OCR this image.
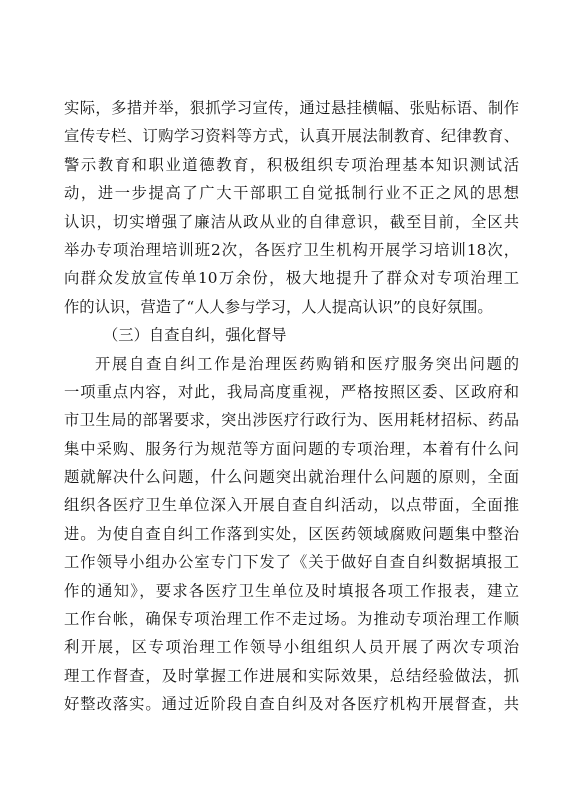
实际，多措并举，狠抓学习宣传，通过悬挂横幅、张贴标语、制作
宣传专栏、订购学习资料等方式，认真开展法制教育、纪律教育、
警示教育和职业道德教育，积极组织专项治理基本知识测试活
动，进一步提高了广大干部职工自觉抵制行业不正之风的思想
认识，切实增强了廉洁从政从业的自律意识，截至目前，全区共
举办专项治理培训班2次，各医疗卫生机构开展学习培训18次，
向群众发放宣传单10万余份，极大地提升了群众对专项治理工
作的认识，营造了“人人参与学习，人人提高认识”的良好氛围。
（三）自查自纠，强化督导
开展自查自纠工作是治理医药购销和医疗服务突出问题的
一项重点内容，对此，我局高度重视，严格按照区委、区政府和
市卫生局的部署要求，突出涉医疗行政行为、医用耗材招标、药品
集中采购、服务行为规范等方面问题的专项治理，本着有什么问
题就解决什么问题，什么问题突出就治理什么问题的原则，全面
组织各医疗卫生单位深入开展自查自纠活动，以点带面，全面推
进。为使自查自纠工作落到实处，区医药领域腐败问题集中整治
工作领导小组办公室专门下发了《关于做好自查自纠数据填报工
作的通知》，要求各医疗卫生单位及时填报各项工作报表，建立
工作台帐，确保专项治理工作不走过场。为推动专项治理工作顺
利开展，区专项治理工作领导小组组织人员开展了两次专项治
理工作督查，及时掌握工作进展和实际效果，总结经验做法，抓
好整改落实。通过近阶段自查自纠及对各医疗机构开展督查，共
